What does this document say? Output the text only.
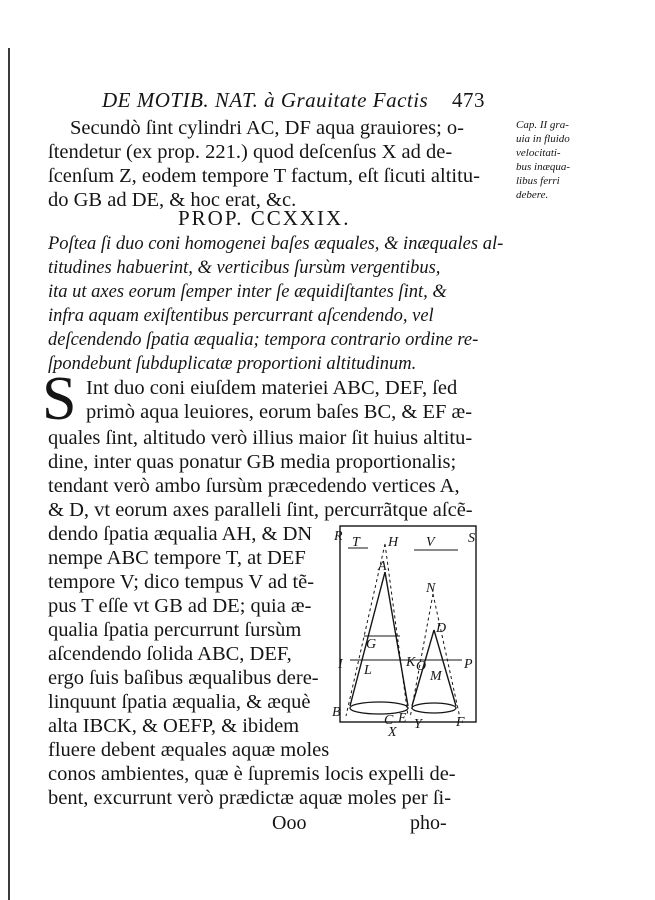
DE MOTIB. NAT. à Grauitate Factis 473
Cap. II gra-
uia in fluido
velocitati-
bus inæqua-
libus ferri
debere.
Secundò ſint cylindri AC, DF aqua grauiores; o-
ſtendetur (ex prop. 221.) quod deſcenſus X ad de-
ſcenſum Z, eodem tempore T factum, eſt ſicuti altitu-
do GB ad DE, & hoc erat, &c.
PROP. CCXXIX.
Poſtea ſi duo coni homogenei baſes æquales, & inæquales al-
titudines habuerint, & verticibus ſursùm vergentibus,
ita ut axes eorum ſemper inter ſe æquidiſtantes ſint, &
infra aquam exiſtentibus percurrant aſcendendo, vel
deſcendendo ſpatia æqualia; tempora contrario ordine re-
ſpondebunt ſubduplicatæ proportioni altitudinum.
S Int duo coni eiuſdem materiei ABC, DEF, ſed
primò aqua leuiores, eorum baſes BC, & EF æ-
quales ſint, altitudo verò illius maior ſit huius altitu-
dine, inter quas ponatur GB media proportionalis;
tendant verò ambo ſursùm præcedendo vertices A,
& D, vt eorum axes paralleli ſint, percurrãtque aſcẽ-
dendo ſpatia æqualia AH, & DN
nempe ABC tempore T, at DEF
tempore V; dico tempus V ad tẽ-
pus T eſſe vt GB ad DE; quia æ-
qualia ſpatia percurrunt ſursùm
aſcendendo ſolida ABC, DEF,
ergo ſuis baſibus æqualibus dere-
linquunt ſpatia æqualia, & æquè
alta IBCK, & OEFP, & ibidem
fluere debent æquales aquæ moles
conos ambientes, quæ è ſupremis locis expelli de-
bent, excurrunt verò prædictæ aquæ moles per ſi-
Ooo	pho-
R T H V S
A
N
G
D
I L
K O
M
P
B
C E	F
X
Y
